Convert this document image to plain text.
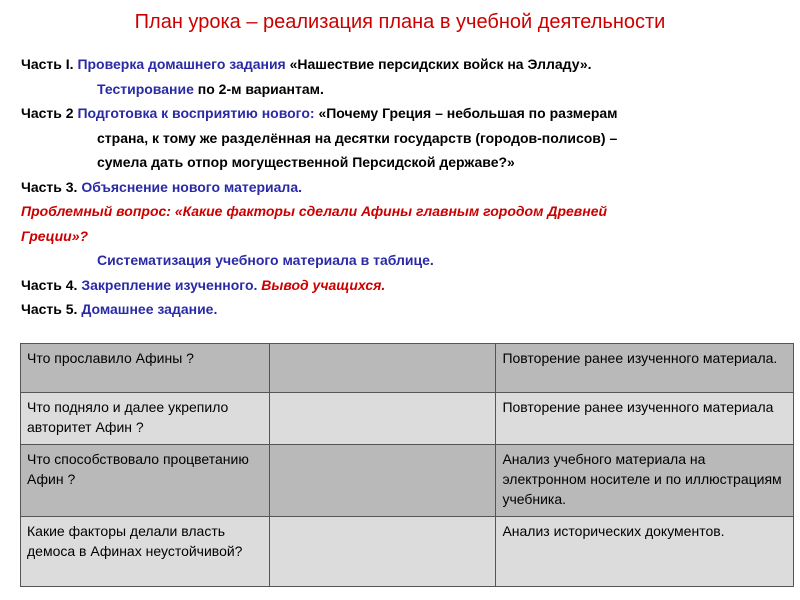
План урока – реализация плана в учебной деятельности
Часть I. Проверка домашнего задания «Нашествие персидских войск на Элладу».
Тестирование по 2-м вариантам.
Часть 2 Подготовка к восприятию нового: «Почему Греция – небольшая по размерам
страна, к тому же разделённая на десятки государств (городов-полисов) –
сумела дать отпор могущественной Персидской державе?»
Часть 3. Объяснение нового материала.
Проблемный вопрос: «Какие факторы сделали Афины главным городом Древней
Греции»?
Систематизация учебного материала в таблице.
Часть 4. Закрепление изученного. Вывод учащихся.
Часть 5. Домашнее задание.
Что прославило Афины ?		Повторение ранее изученного материала.
Что подняло и далее укрепило авторитет Афин ?		Повторение ранее изученного материала
Что способствовало процветанию Афин ?		Анализ учебного материала на электронном носителе и по иллюстрациям учебника.
Какие факторы делали власть демоса в Афинах неустойчивой?		Анализ исторических документов.
